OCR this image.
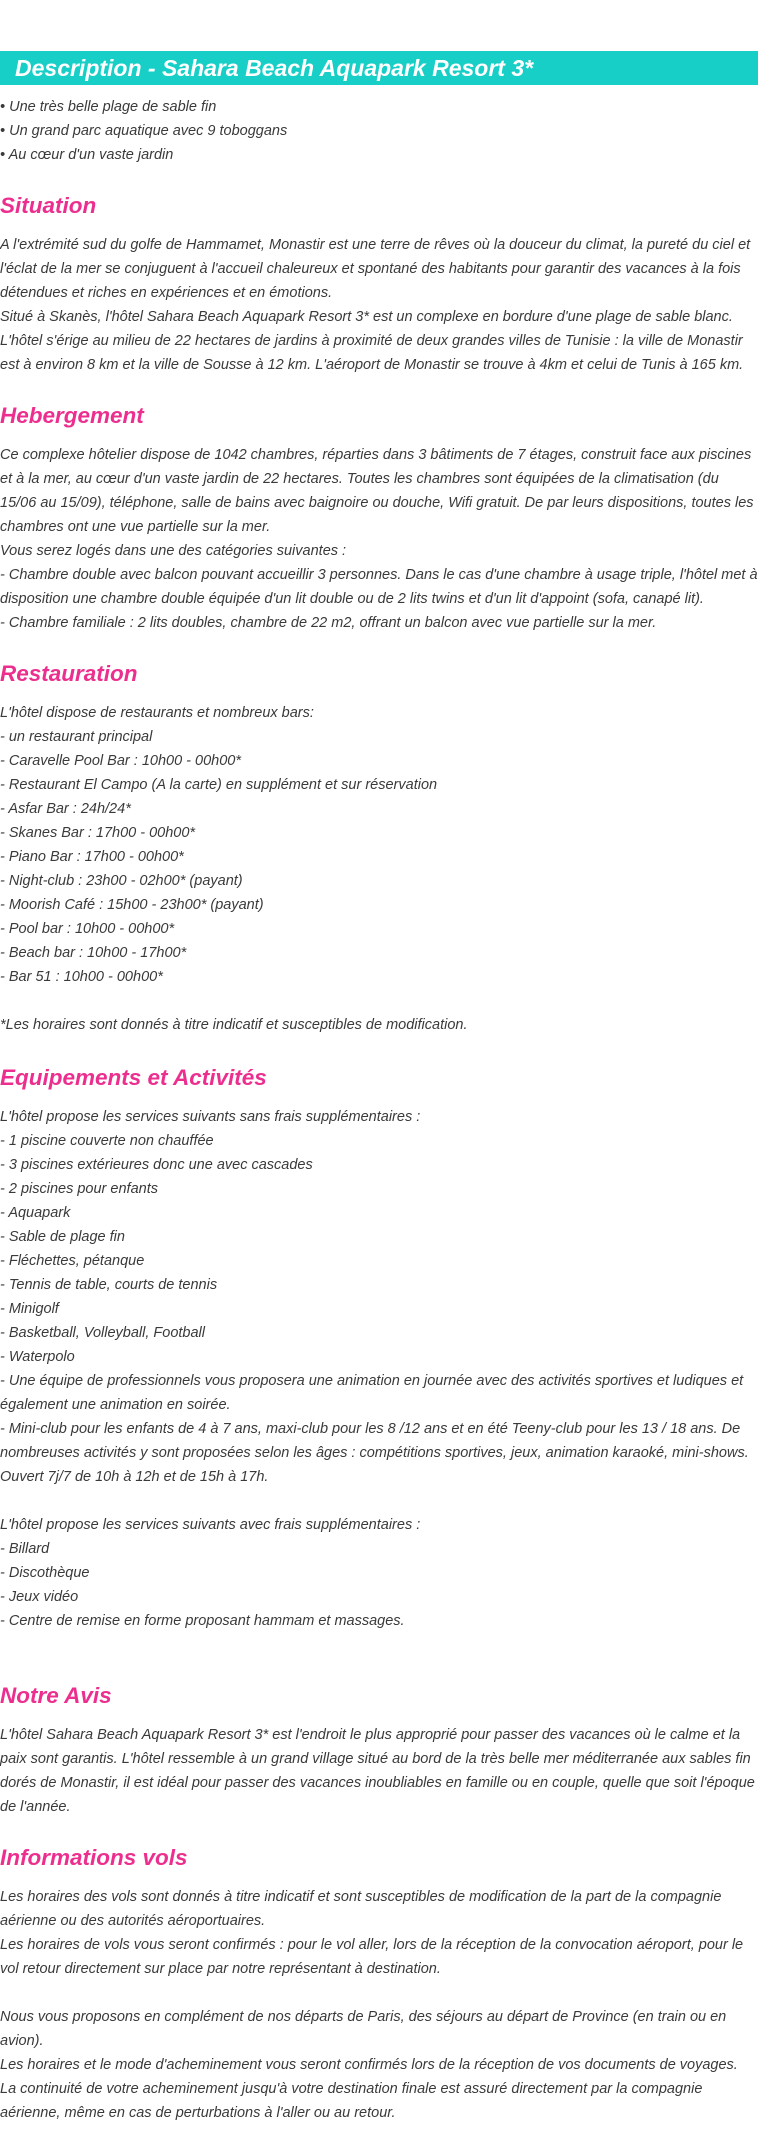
Description - Sahara Beach Aquapark Resort 3*

• Une très belle plage de sable fin

• Un grand parc aquatique avec 9 toboggans

• Au cœur d'un vaste jardin

Situation

A l'extrémité sud du golfe de Hammamet, Monastir est une terre de rêves où la douceur du climat, la pureté du ciel et l'éclat de la mer se conjuguent à l'accueil chaleureux et spontané des habitants pour garantir des vacances à la fois détendues et riches en expériences et en émotions.

Situé à Skanès, l'hôtel Sahara Beach Aquapark Resort 3* est un complexe en bordure d'une plage de sable blanc. L'hôtel s'érige au milieu de 22 hectares de jardins à proximité de deux grandes villes de Tunisie : la ville de Monastir est à environ 8 km et la ville de Sousse à 12 km. L'aéroport de Monastir se trouve à 4km et celui de Tunis à 165 km.

Hebergement

Ce complexe hôtelier dispose de 1042 chambres, réparties dans 3 bâtiments de 7 étages, construit face aux piscines et à la mer, au cœur d'un vaste jardin de 22 hectares. Toutes les chambres sont équipées de la climatisation (du 15/06 au 15/09), téléphone, salle de bains avec baignoire ou douche, Wifi gratuit. De par leurs dispositions, toutes les chambres ont une vue partielle sur la mer.

Vous serez logés dans une des catégories suivantes :

- Chambre double avec balcon pouvant accueillir 3 personnes. Dans le cas d'une chambre à usage triple, l'hôtel met à disposition une chambre double équipée d'un lit double ou de 2 lits twins et d'un lit d'appoint (sofa, canapé lit).

- Chambre familiale : 2 lits doubles, chambre de 22 m2, offrant un balcon avec vue partielle sur la mer.

Restauration

L'hôtel dispose de restaurants et nombreux bars:

- un restaurant principal

- Caravelle Pool Bar : 10h00 - 00h00*

- Restaurant El Campo (A la carte) en supplément et sur réservation

- Asfar Bar : 24h/24*

- Skanes Bar : 17h00 - 00h00*

- Piano Bar : 17h00 - 00h00*

- Night-club : 23h00 - 02h00* (payant)

- Moorish Café : 15h00 - 23h00* (payant)

- Pool bar : 10h00 - 00h00*

- Beach bar : 10h00 - 17h00*

- Bar 51 : 10h00 - 00h00*

*Les horaires sont donnés à titre indicatif et susceptibles de modification.

Equipements et Activités

L'hôtel propose les services suivants sans frais supplémentaires :

- 1 piscine couverte non chauffée

- 3 piscines extérieures donc une avec cascades

- 2 piscines pour enfants

- Aquapark

- Sable de plage fin

- Fléchettes, pétanque

- Tennis de table, courts de tennis

- Minigolf

- Basketball, Volleyball, Football

- Waterpolo

- Une équipe de professionnels vous proposera une animation en journée avec des activités sportives et ludiques et également une animation en soirée.

- Mini-club pour les enfants de 4 à 7 ans, maxi-club pour les 8 /12 ans et en été Teeny-club pour les 13 / 18 ans. De nombreuses activités y sont proposées selon les âges : compétitions sportives, jeux, animation karaoké, mini-shows.

Ouvert 7j/7 de 10h à 12h et de 15h à 17h.

L'hôtel propose les services suivants avec frais supplémentaires :

- Billard

- Discothèque

- Jeux vidéo

- Centre de remise en forme proposant hammam et massages.

Notre Avis

L'hôtel Sahara Beach Aquapark Resort 3* est l'endroit le plus approprié pour passer des vacances où le calme et la paix sont garantis. L'hôtel ressemble à un grand village situé au bord de la très belle mer méditerranée aux sables fin dorés de Monastir, il est idéal pour passer des vacances inoubliables en famille ou en couple, quelle que soit l'époque de l'année.

Informations vols

Les horaires des vols sont donnés à titre indicatif et sont susceptibles de modification de la part de la compagnie aérienne ou des autorités aéroportuaires.

Les horaires de vols vous seront confirmés : pour le vol aller, lors de la réception de la convocation aéroport, pour le vol retour directement sur place par notre représentant à destination.

Nous vous proposons en complément de nos départs de Paris, des séjours au départ de Province (en train ou en avion).

Les horaires et le mode d'acheminement vous seront confirmés lors de la réception de vos documents de voyages.

La continuité de votre acheminement jusqu'à votre destination finale est assuré directement par la compagnie aérienne, même en cas de perturbations à l'aller ou au retour.
